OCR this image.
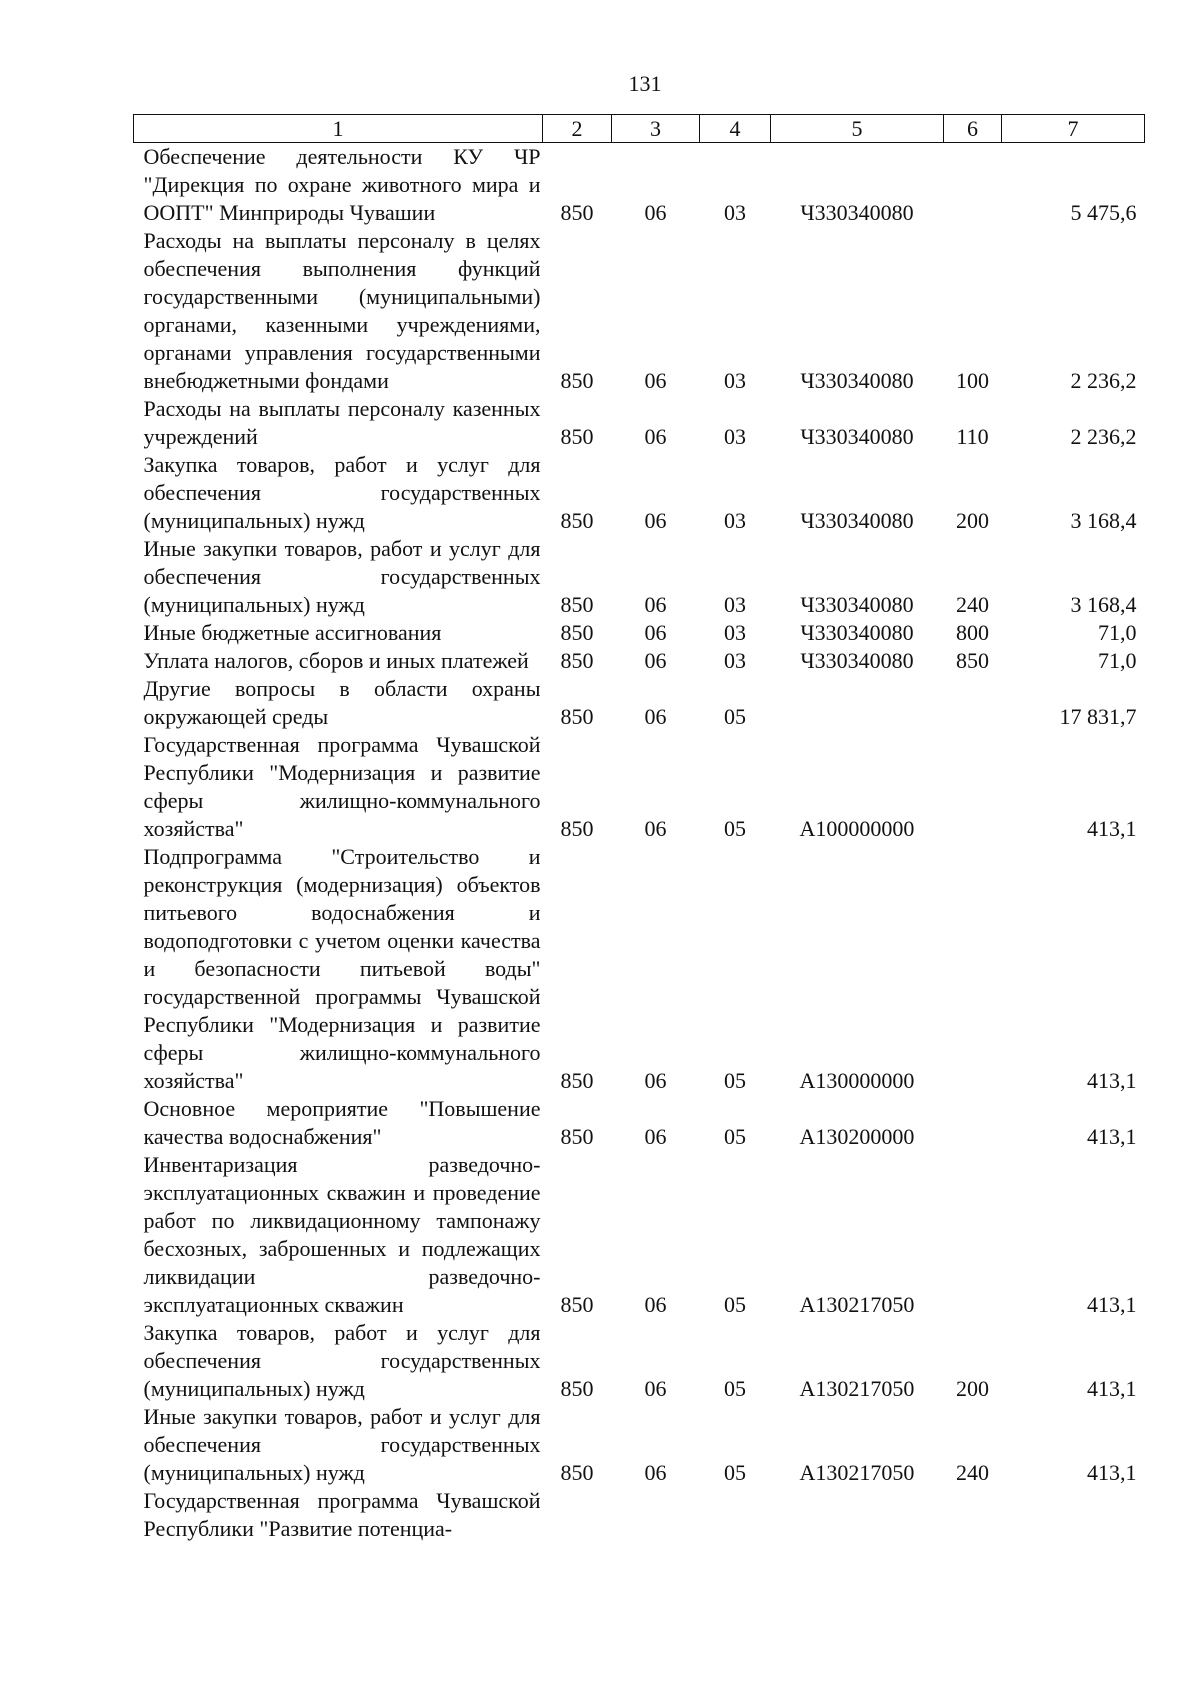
131
1	2	3	4	5	6	7
Обеспечение деятельности КУ ЧР "Дирекция по охране животного мира и ООПТ" Минприроды Чувашии	850	06	03	Ч330340080		5 475,6
Расходы на выплаты персоналу в целях обеспечения выполнения функций государственными (муниципальными) органами, казенными учреждениями, органами управления государственными внебюджетными фондами	850	06	03	Ч330340080	100	2 236,2
Расходы на выплаты персоналу казенных учреждений	850	06	03	Ч330340080	110	2 236,2
Закупка товаров, работ и услуг для обеспечения государственных (муниципальных) нужд	850	06	03	Ч330340080	200	3 168,4
Иные закупки товаров, работ и услуг для обеспечения государственных (муниципальных) нужд	850	06	03	Ч330340080	240	3 168,4
Иные бюджетные ассигнования	850	06	03	Ч330340080	800	71,0
Уплата налогов, сборов и иных платежей	850	06	03	Ч330340080	850	71,0
Другие вопросы в области охраны окружающей среды	850	06	05			17 831,7
Государственная программа Чувашской Республики "Модернизация и развитие сферы жилищно-коммунального хозяйства"	850	06	05	А100000000		413,1
Подпрограмма "Строительство и реконструкция (модернизация) объектов питьевого водоснабжения и водоподготовки с учетом оценки качества и безопасности питьевой воды" государственной программы Чувашской Республики "Модернизация и развитие сферы жилищно-коммунального хозяйства"	850	06	05	А130000000		413,1
Основное мероприятие "Повышение качества водоснабжения"	850	06	05	А130200000		413,1
Инвентаризация разведочно-эксплуатационных скважин и проведение работ по ликвидационному тампонажу бесхозных, заброшенных и подлежащих ликвидации разведочно-эксплуатационных скважин	850	06	05	А130217050		413,1
Закупка товаров, работ и услуг для обеспечения государственных (муниципальных) нужд	850	06	05	А130217050	200	413,1
Иные закупки товаров, работ и услуг для обеспечения государственных (муниципальных) нужд	850	06	05	А130217050	240	413,1
Государственная программа Чувашской Республики "Развитие потенциа-						
